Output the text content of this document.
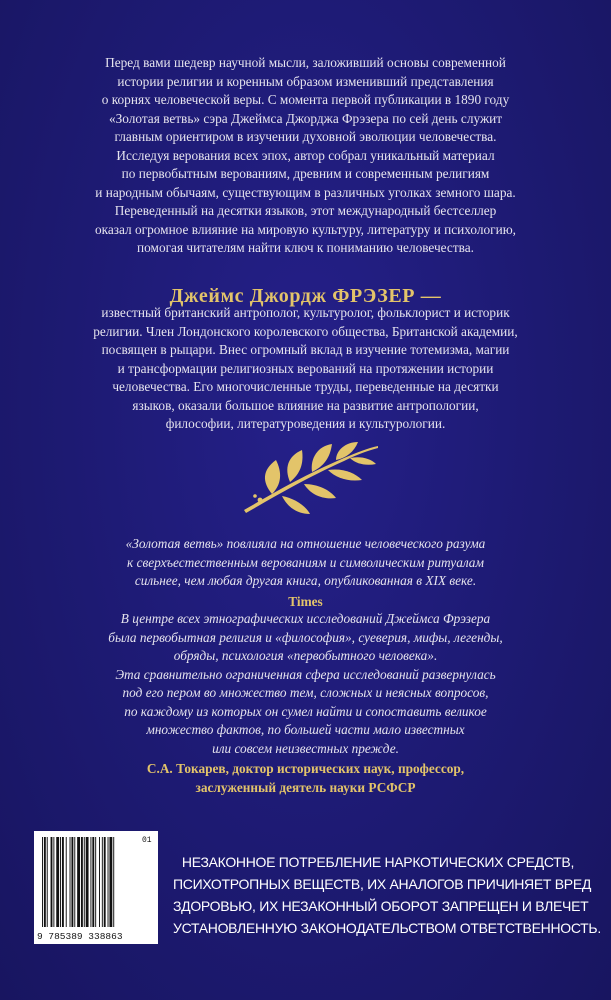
Перед вами шедевр научной мысли, заложивший основы современной
истории религии и коренным образом изменивший представления
о корнях человеческой веры. С момента первой публикации в 1890 году
«Золотая ветвь» сэра Джеймса Джорджа Фрэзера по сей день служит
главным ориентиром в изучении духовной эволюции человечества.
Исследуя верования всех эпох, автор собрал уникальный материал
по первобытным верованиям, древним и современным религиям
и народным обычаям, существующим в различных уголках земного шара.
Переведенный на десятки языков, этот международный бестселлер
оказал огромное влияние на мировую культуру, литературу и психологию,
помогая читателям найти ключ к пониманию человечества.
Джеймс Джордж ФРЭЗЕР —
известный британский антрополог, культуролог, фольклорист и историк
религии. Член Лондонского королевского общества, Британской академии,
посвящен в рыцари. Внес огромный вклад в изучение тотемизма, магии
и трансформации религиозных верований на протяжении истории
человечества. Его многочисленные труды, переведенные на десятки
языков, оказали большое влияние на развитие антропологии,
философии, литературоведения и культурологии.
«Золотая ветвь» повлияла на отношение человеческого разума
к сверхъестественным верованиям и символическим ритуалам
сильнее, чем любая другая книга, опубликованная в XIX веке.
Times
В центре всех этнографических исследований Джеймса Фрэзера
была первобытная религия и «философия», суеверия, мифы, легенды,
обряды, психология «первобытного человека».
Эта сравнительно ограниченная сфера исследований развернулась
под его пером во множество тем, сложных и неясных вопросов,
по каждому из которых он сумел найти и сопоставить великое
множество фактов, по большей части мало известных
или совсем неизвестных прежде.
С.А. Токарев, доктор исторических наук, профессор,
заслуженный деятель науки РСФСР
9 785389 338863
01
НЕЗАКОННОЕ ПОТРЕБЛЕНИЕ НАРКОТИЧЕСКИХ СРЕДСТВ,
ПСИХОТРОПНЫХ ВЕЩЕСТВ, ИХ АНАЛОГОВ ПРИЧИНЯЕТ ВРЕД
ЗДОРОВЬЮ, ИХ НЕЗАКОННЫЙ ОБОРОТ ЗАПРЕЩЕН И ВЛЕЧЕТ
УСТАНОВЛЕННУЮ ЗАКОНОДАТЕЛЬСТВОМ ОТВЕТСТВЕННОСТЬ.
